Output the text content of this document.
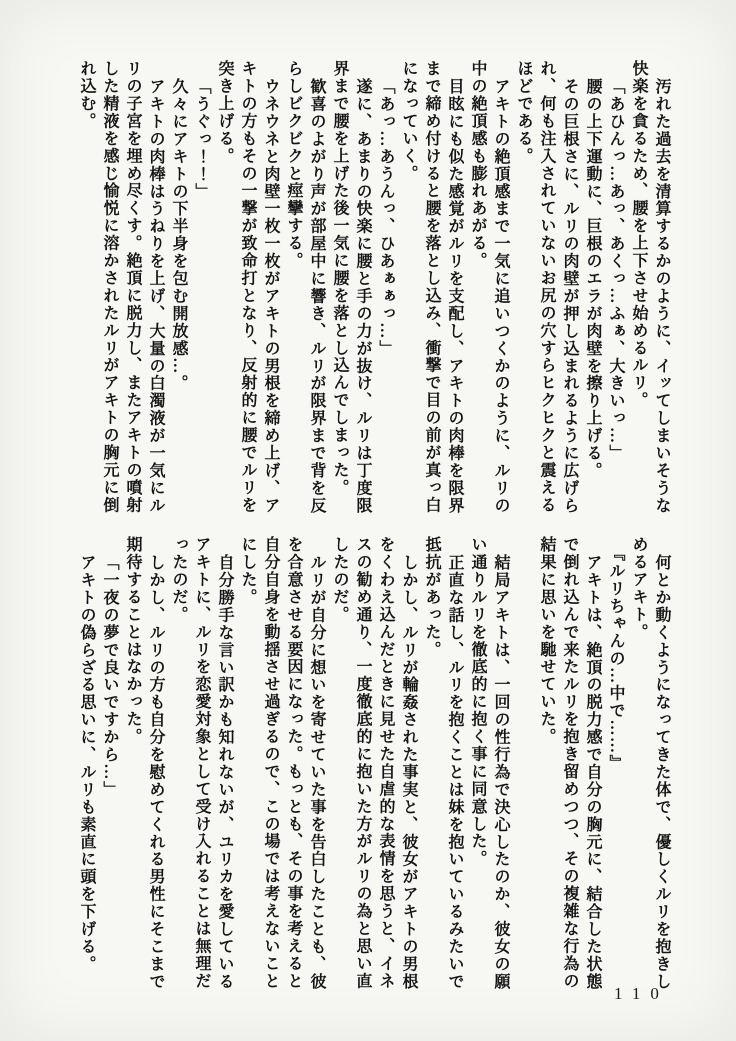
汚れた過去を清算するかのように、イッてしまいそうな快楽を貪るため、腰を上下させ始めるルリ。

「あひんっ…あっ、あくっ…ふぁ、大きいっ…」

腰の上下運動に、巨根のエラが肉壁を擦り上げる。

その巨根さに、ルリの肉壁が押し込まれるように広げられ、何も注入されていないお尻の穴すらヒクヒクと震えるほどである。

アキトの絶頂感まで一気に追いつくかのように、ルリの中の絶頂感も膨れあがる。

目眩にも似た感覚がルリを支配し、アキトの肉棒を限界まで締め付けると腰を落とし込み、衝撃で目の前が真っ白になっていく。

「あっ…あうんっ、ひあぁぁっ…」

遂に、あまりの快楽に腰と手の力が抜け、ルリは丁度限界まで腰を上げた後一気に腰を落とし込んでしまった。

歓喜のよがり声が部屋中に響き、ルリが限界まで背を反らしビクビクと痙攣する。

ウネウネと肉壁一枚一枚がアキトの男根を締め上げ、アキトの方もその一撃が致命打となり、反射的に腰でルリを突き上げる。

「うぐっ！！」

久々にアキトの下半身を包む開放感…。

アキトの肉棒はうねりを上げ、大量の白濁液が一気にルリの子宮を埋め尽くす。絶頂に脱力し、またアキトの噴射した精液を感じ愉悦に溶かされたルリがアキトの胸元に倒れ込む。

何とか動くようになってきた体で、優しくルリを抱きしめるアキト。

『ルリちゃんの…中で……』

アキトは、絶頂の脱力感で自分の胸元に、結合した状態で倒れ込んで来たルリを抱き留めつつ、その複雑な行為の結果に思いを馳せていた。

結局アキトは、一回の性行為で決心したのか、彼女の願い通りルリを徹底的に抱く事に同意した。

正直な話し、ルリを抱くことは妹を抱いているみたいで抵抗があった。

しかし、ルリが輪姦された事実と、彼女がアキトの男根をくわえ込んだときに見せた自虐的な表情を思うと、イネスの勧め通り、一度徹底的に抱いた方がルリの為と思い直したのだ。

ルリが自分に想いを寄せていた事を告白したことも、彼を合意させる要因になった。もっとも、その事を考えると自分自身を動揺させ過ぎるので、この場では考えないことにした。

自分勝手な言い訳かも知れないが、ユリカを愛しているアキトに、ルリを恋愛対象として受け入れることは無理だったのだ。

しかし、ルリの方も自分を慰めてくれる男性にそこまで期待することはなかった。

「一夜の夢で良いですから…」

アキトの偽らざる思いに、ルリも素直に頭を下げる。

110
